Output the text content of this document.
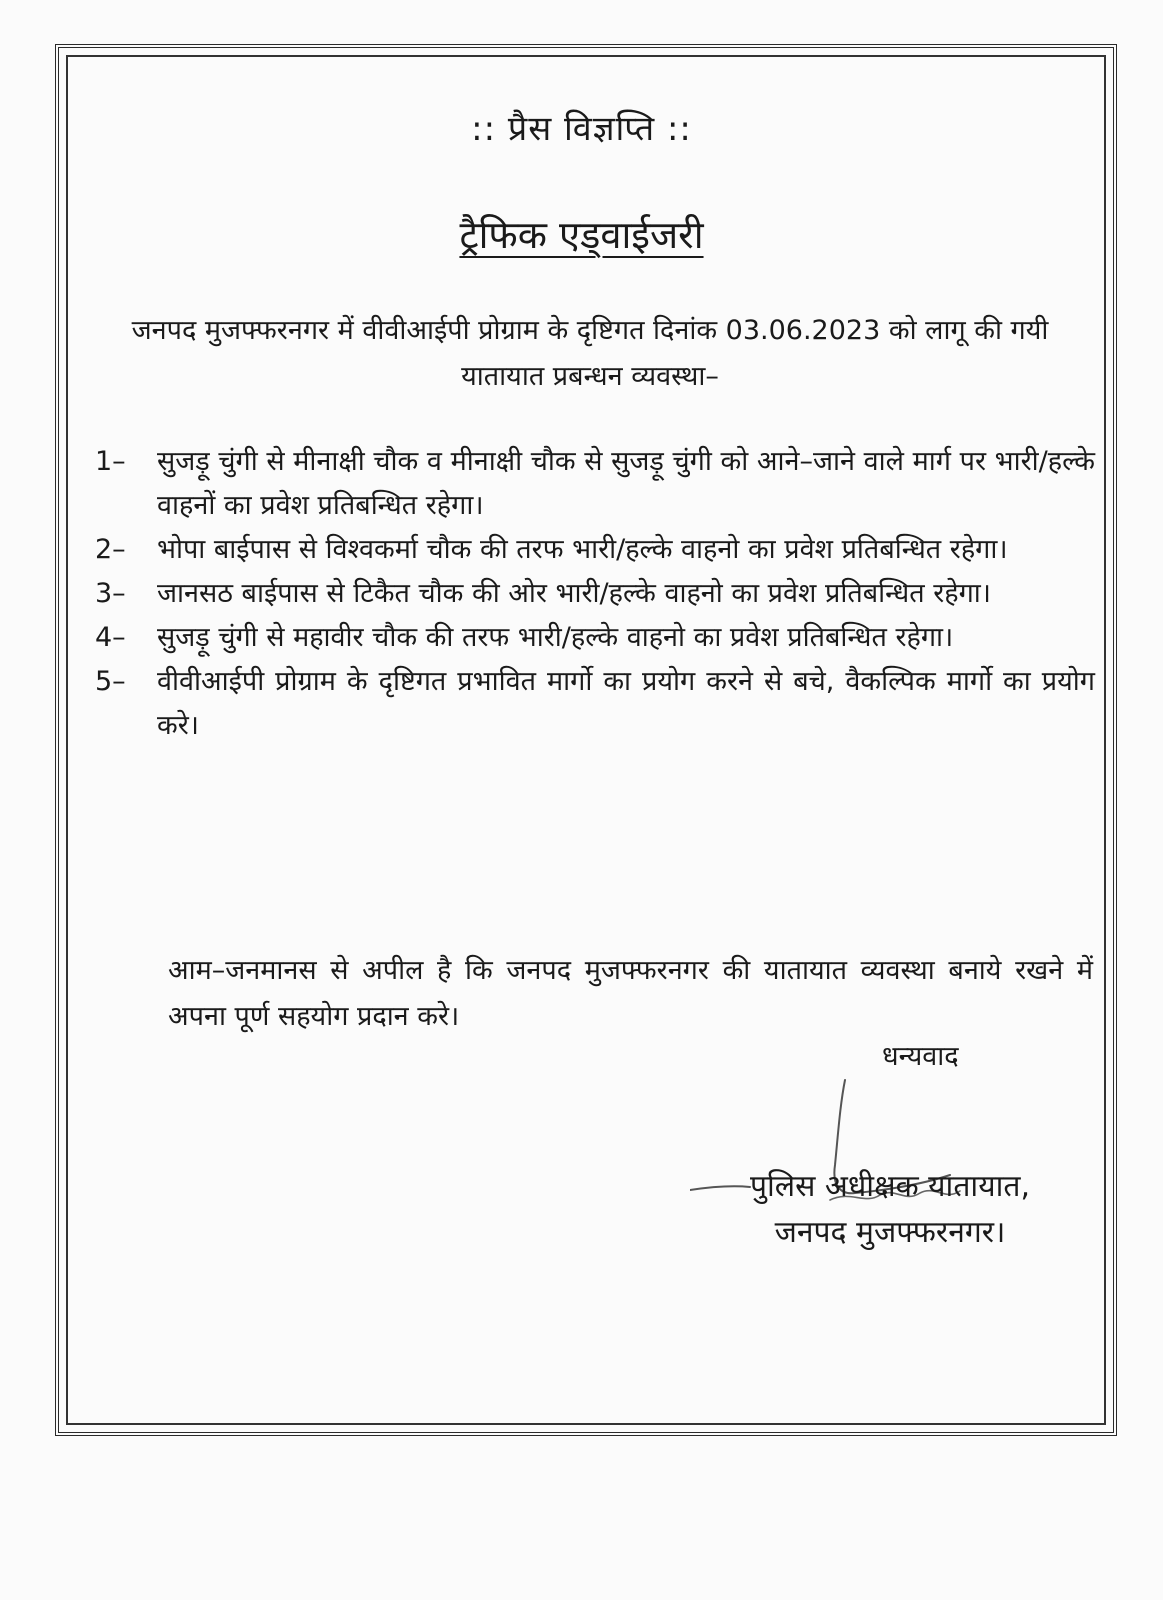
:: प्रैस विज्ञप्ति ::
ट्रैफिक एड्वाईजरी
जनपद मुजफ्फरनगर में वीवीआईपी प्रोग्राम के दृष्टिगत दिनांक 03.06.2023 को लागू की गयी यातायात प्रबन्धन व्यवस्था–
1–	सुजड़ू चुंगी से मीनाक्षी चौक व मीनाक्षी चौक से सुजड़ू चुंगी को आने–जाने वाले मार्ग पर भारी/हल्के वाहनों का प्रवेश प्रतिबन्धित रहेगा।
2–	भोपा बाईपास से विश्वकर्मा चौक की तरफ भारी/हल्के वाहनो का प्रवेश प्रतिबन्धित रहेगा।
3–	जानसठ बाईपास से टिकैत चौक की ओर भारी/हल्के वाहनो का प्रवेश प्रतिबन्धित रहेगा।
4–	सुजड़ू चुंगी से महावीर चौक की तरफ भारी/हल्के वाहनो का प्रवेश प्रतिबन्धित रहेगा।
5–	वीवीआईपी प्रोग्राम के दृष्टिगत प्रभावित मार्गो का प्रयोग करने से बचे, वैकल्पिक मार्गो का प्रयोग करे।
आम–जनमानस से अपील है कि जनपद मुजफ्फरनगर की यातायात व्यवस्था बनाये रखने में अपना पूर्ण सहयोग प्रदान करे।
धन्यवाद
पुलिस अधीक्षक यातायात,
जनपद मुजफ्फरनगर।
